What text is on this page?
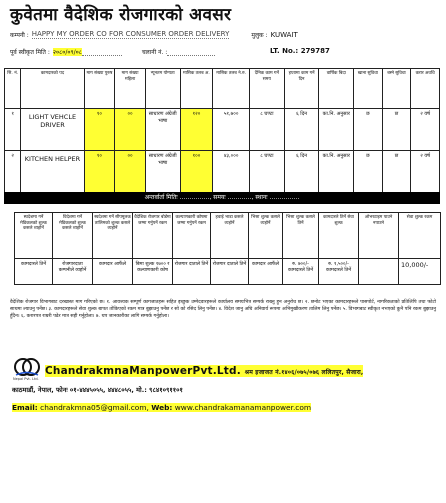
कुवेतमा वैदेशिक रोजगारको अवसर
कम्पनी : HAPPY MY ORDER CO FOR CONSUMER ORDER DELIVERY	मुलुक : KUWAIT
पूर्व स्वीकृत मिति : २०८०/०९/०८	चलानी नं. :	LT. No.: 279787
सि. नं.	कामदारको पद	माग संख्या पुरुष	माग संख्या महिला	न्यूनतम योग्यता	मासिक तलब अ.	मासिक तलब ने.रु.	दैनिक काम गर्ने समय	हप्तामा काम गर्ने दिन	वार्षिक बिदा	खाना सुविधा	बस्ने सुविधा	करार अवधि
१	LIGHT VEHCLE DRIVER	१०	००	साधारण अंग्रेजी भाषा	१२०	५१,७००	८ घण्टा	६ दिन	का.नि. अनुसार	छ	छ	२ वर्ष
२	KITCHEN HELPER	१०	००	साधारण अंग्रेजी भाषा	१००	४३,०००	८ घण्टा	६ दिन	का.नि. अनुसार	छ	छ	२ वर्ष
अन्तर्वार्ता मितिः ……………, समयः …………, स्थानः ……………
स्वदेशमा गर्ने मेडिकलको शुल्क कसले व्यहोर्ने	विदेशमा गर्ने मेडिकलको शुल्क कसले व्यहोर्ने	स्वदेशमा गर्ने सीपमूलक तालिमको शुल्क कसले व्यहोर्ने	वैदेशिक रोजगार बोर्डमा जम्मा गर्नुपर्ने रकम	कल्याणकारी कोषमा जम्मा गर्नुपर्ने रकम	हवाई भाडा कसले व्यहोर्ने	भिसा शुल्क कसले व्यहोर्ने	भिसा शुल्क कसले तिर्ने	कामदारले तिर्ने सेवा शुल्क	ओभरटाइम पाउने नपाउने	सेवा शुल्क रकम
कामदारले तिर्ने	रोजगारदाता कम्पनीले व्यहोर्ने	कामदार आफैंले	बिमा शुल्क १७०० र कल्याणकारी कोष	रोजगार दाताले तिर्ने	रोजगार दाताले तिर्ने	कामदार आफैंले	रु. ७००/- कामदारले तिर्ने	रु. १,५००/- कामदारले तिर्ने		10,000/-
वैदेशिक रोजगार विभागबाट दरखास्त माग गरिएको छ। १. आवश्यक सम्पूर्ण कागजातहरू सहित इच्छुक उम्मेदवारहरूले कार्यालय समयभित्र सम्पर्क राख्नु हुन अनुरोध छ। २. छनोट भएका कामदारहरूले पासपोर्ट, नागरिकताको प्रतिलिपि तथा फोटो साथमा ल्याउनु पर्नेछ। ३. कामदारहरूले सेवा शुल्क बापत तोकिएको रकम मात्र बुझाउनु पर्नेछ र सो को रसिद लिनु पर्नेछ। ४. विदेश जानु अघि अनिवार्य रूपमा अभिमुखीकरण तालिम लिनु पर्नेछ। ५. विभागबाट स्वीकृत नभएको कुनै पनि रकम बुझाउनु हुँदैन। ६. करारपत्र राम्ररी पढेर मात्र सही गर्नुहोला। ७. थप जानकारीका लागि सम्पर्क गर्नुहोला।
Nepal Pvt. Ltd.
ChandrakmnaManpowerPvt.Ltd. श्रम इजाजत नं.१४०६/०७५/०७६ ललितपुर, सैजारा,
काठमाडौं, नेपाल, फोनः ०१-४४४५०५५, ४४४८०५५, मो.: ९८४१०९११०१
Email: chandrakmna05@gmail.com, Web: www.chandrakamanamanpower.com
